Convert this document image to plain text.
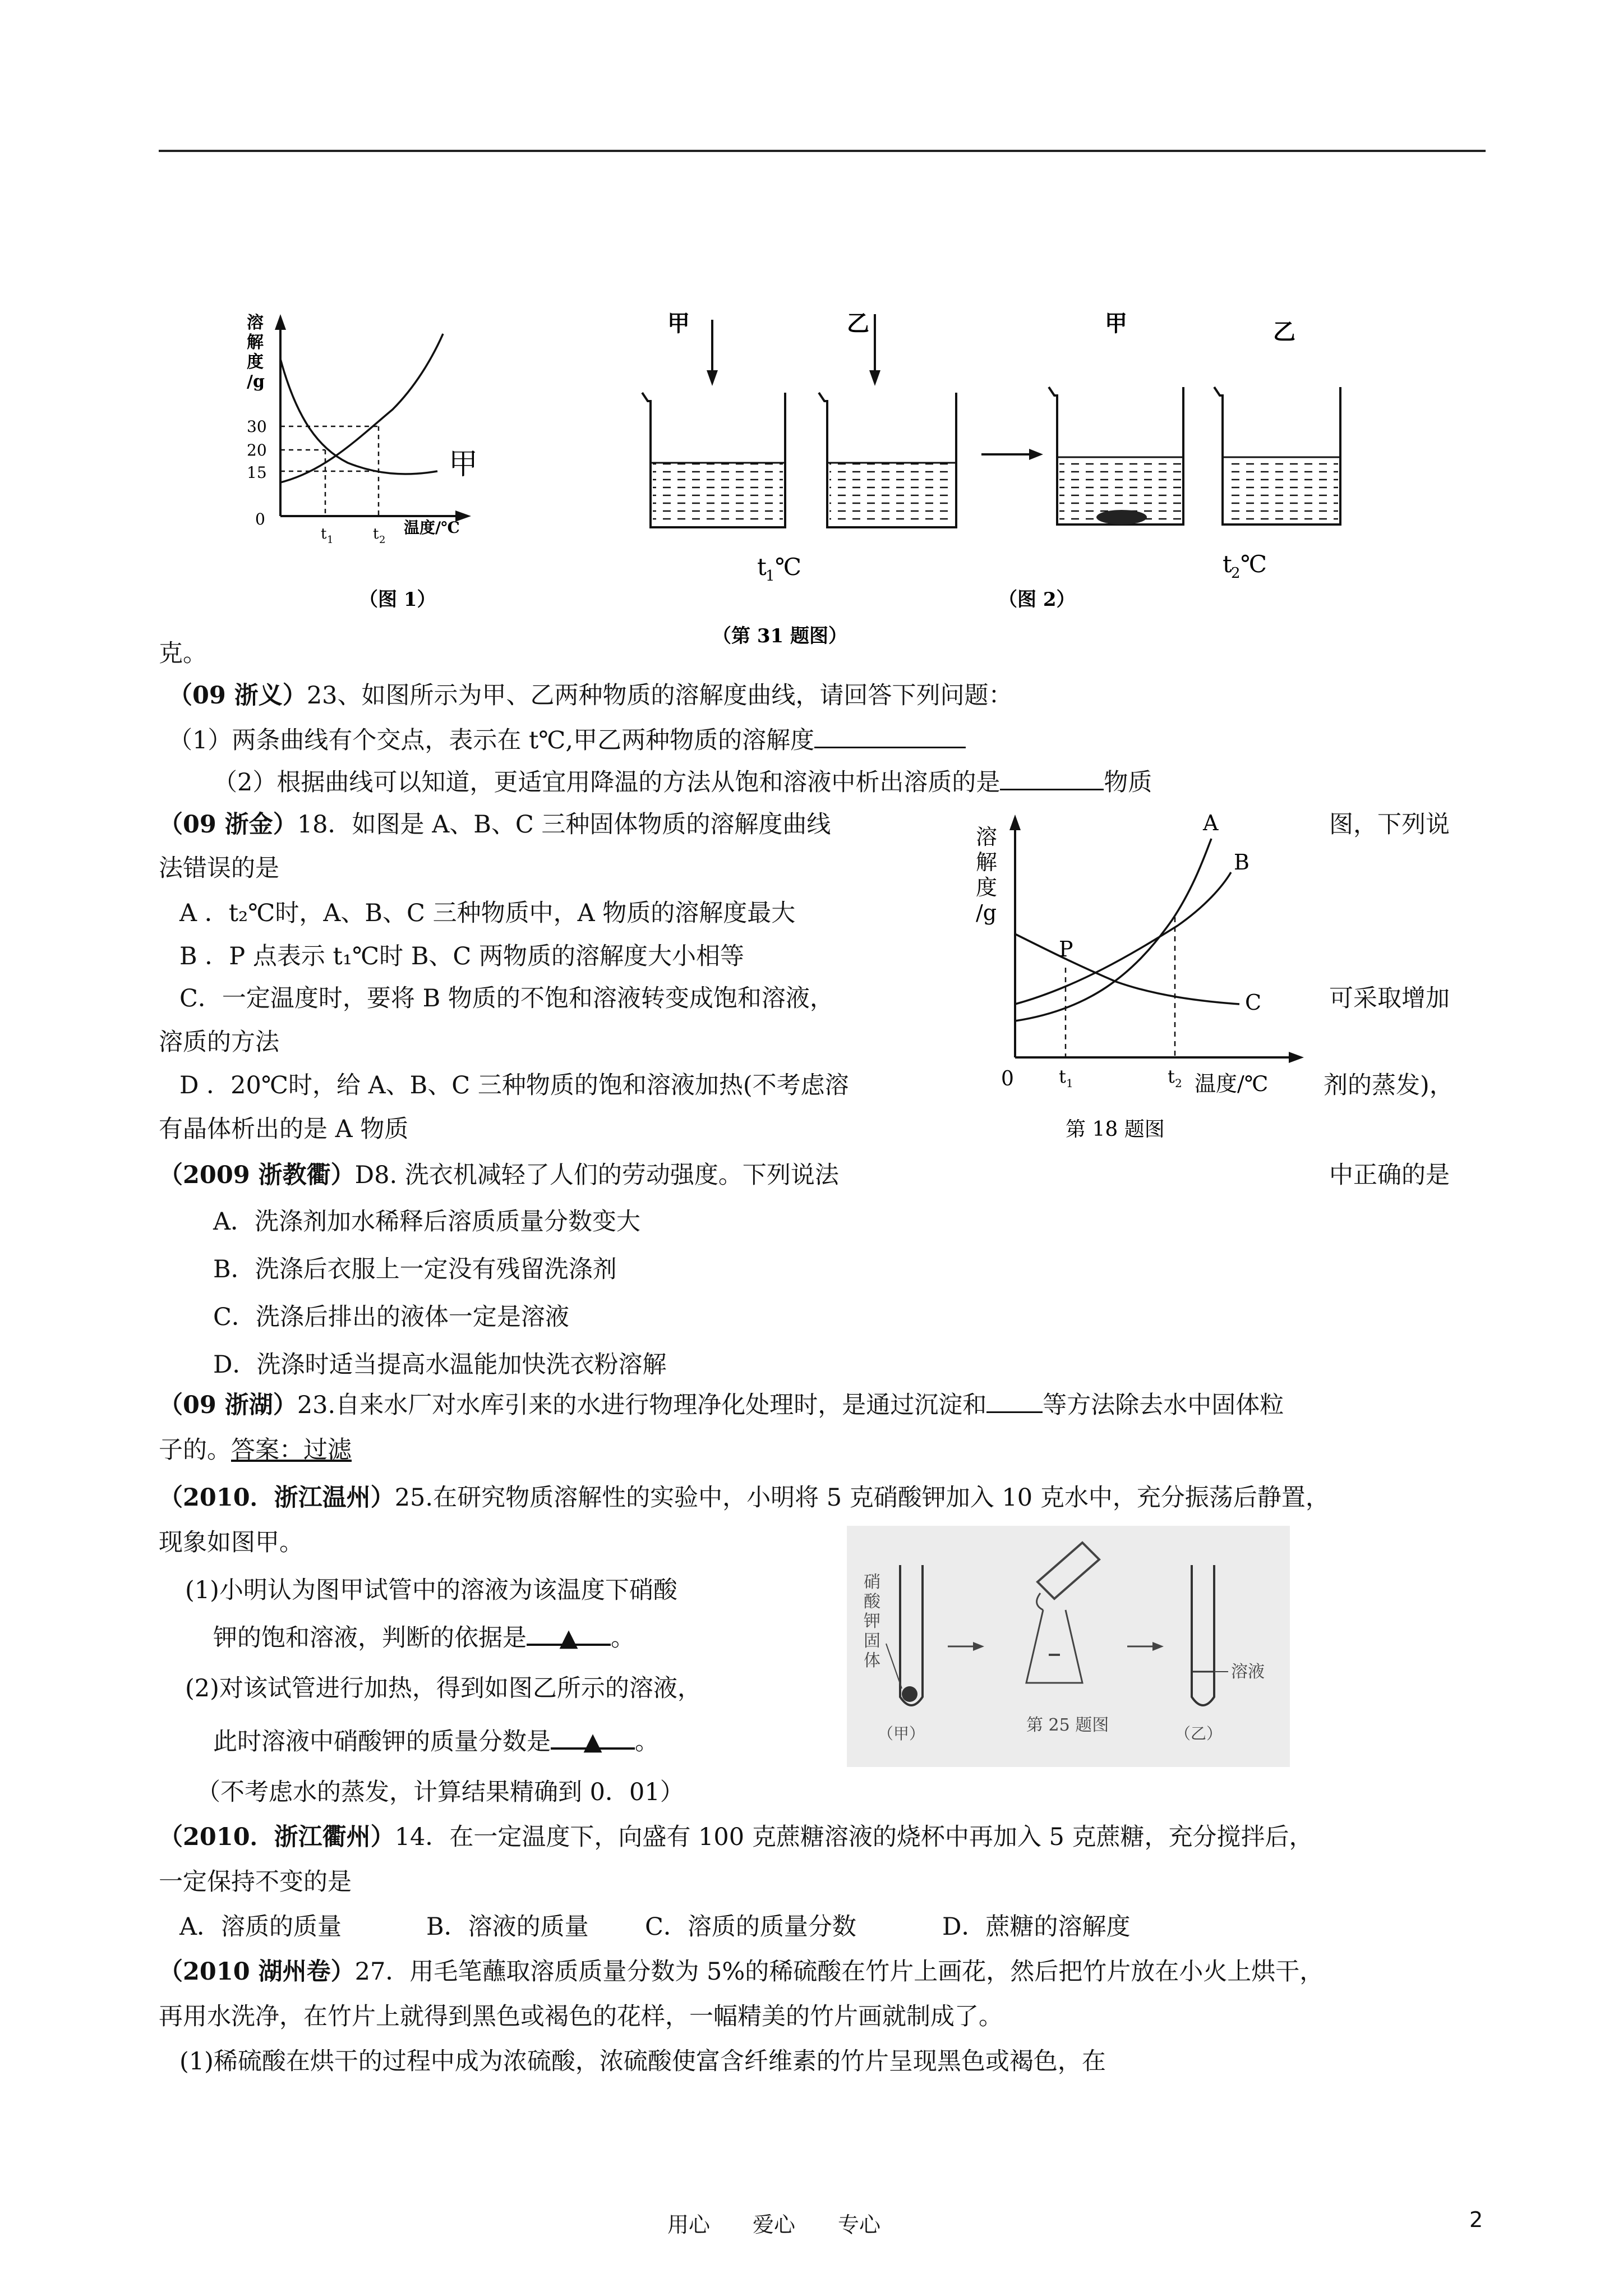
溶
解
度
/g
30
20
15
0
t 1	t 2
温度/℃
甲
（图 1）
甲	乙	甲	乙
t
1 ℃	t
2 ℃
（图 2）
（第 31 题图）
克。
（09 浙义）23、如图所示为甲、乙两种物质的溶解度曲线，请回答下列问题：
（1）两条曲线有个交点，表示在 t℃,甲乙两种物质的溶解度
（2）根据曲线可以知道，更适宜用降温的方法从饱和溶液中析出溶质的是	物质
（09 浙金）18．如图是 A、B、C 三种固体物质的溶解度曲线	图，下列说
法错误的是
A ．t₂℃时，A、B、C 三种物质中，A 物质的溶解度最大
B ．P 点表示 t₁℃时 B、C 两物质的溶解度大小相等
C．一定温度时，要将 B 物质的不饱和溶液转变成饱和溶液，	可采取增加
溶质的方法
D ．20℃时，给 A、B、C 三种物质的饱和溶液加热(不考虑溶	剂的蒸发)，
有晶体析出的是 A 物质
溶
解
度
/g
0
A
B
C
P
t 1	t 2 温度/℃
第 18 题图
（2009 浙教衢）D8. 洗衣机减轻了人们的劳动强度。下列说法	中正确的是
A．洗涤剂加水稀释后溶质质量分数变大
B．洗涤后衣服上一定没有残留洗涤剂
C．洗涤后排出的液体一定是溶液
D．洗涤时适当提高水温能加快洗衣粉溶解
（09 浙湖）23.自来水厂对水库引来的水进行物理净化处理时，是通过沉淀和 等方法除去水中固体粒
子的。答案：过滤
（2010．浙江温州）25.在研究物质溶解性的实验中，小明将 5 克硝酸钾加入 10 克水中，充分振荡后静置，
现象如图甲。
(1)小明认为图甲试管中的溶液为该温度下硝酸
钾的饱和溶液，判断的依据是 ▲ 。
(2)对该试管进行加热，得到如图乙所示的溶液，
此时溶液中硝酸钾的质量分数是 ▲ 。
（不考虑水的蒸发，计算结果精确到 0．01）
硝
酸
钾
固
体
（甲）	第 25 题图
溶液
（乙）
（2010．浙江衢州）14．在一定温度下，向盛有 100 克蔗糖溶液的烧杯中再加入 5 克蔗糖，充分搅拌后，
一定保持不变的是
A．溶质的质量	B．溶液的质量 C．溶质的质量分数	D．蔗糖的溶解度
（2010 湖州卷）27．用毛笔蘸取溶质质量分数为 5%的稀硫酸在竹片上画花，然后把竹片放在小火上烘干，
再用水洗净，在竹片上就得到黑色或褐色的花样，一幅精美的竹片画就制成了。
(1)稀硫酸在烘干的过程中成为浓硫酸，浓硫酸使富含纤维素的竹片呈现黑色或褐色，在
用心　　爱心　　专心	2
